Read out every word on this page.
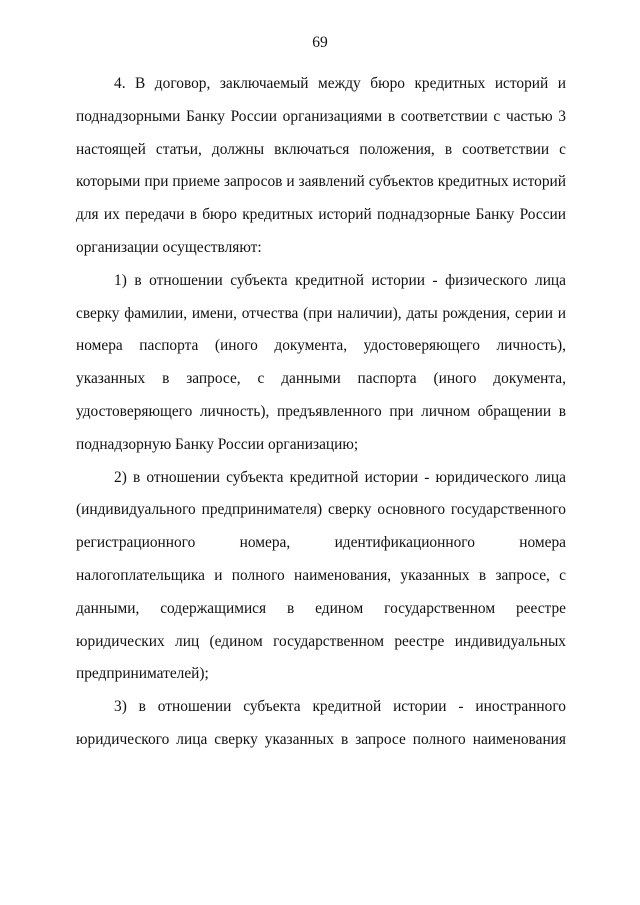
69
4. В договор, заключаемый между бюро кредитных историй и
поднадзорными Банку России организациями в соответствии с частью 3
настоящей статьи, должны включаться положения, в соответствии с
которыми при приеме запросов и заявлений субъектов кредитных историй
для их передачи в бюро кредитных историй поднадзорные Банку России
организации осуществляют:
1) в отношении субъекта кредитной истории - физического лица
сверку фамилии, имени, отчества (при наличии), даты рождения, серии и
номера паспорта (иного документа, удостоверяющего личность),
указанных в запросе, с данными паспорта (иного документа,
удостоверяющего личность), предъявленного при личном обращении в
поднадзорную Банку России организацию;
2) в отношении субъекта кредитной истории - юридического лица
(индивидуального предпринимателя) сверку основного государственного
регистрационного номера, идентификационного номера
налогоплательщика и полного наименования, указанных в запросе, с
данными, содержащимися в едином государственном реестре
юридических лиц (едином государственном реестре индивидуальных
предпринимателей);
3) в отношении субъекта кредитной истории - иностранного
юридического лица сверку указанных в запросе полного наименования
